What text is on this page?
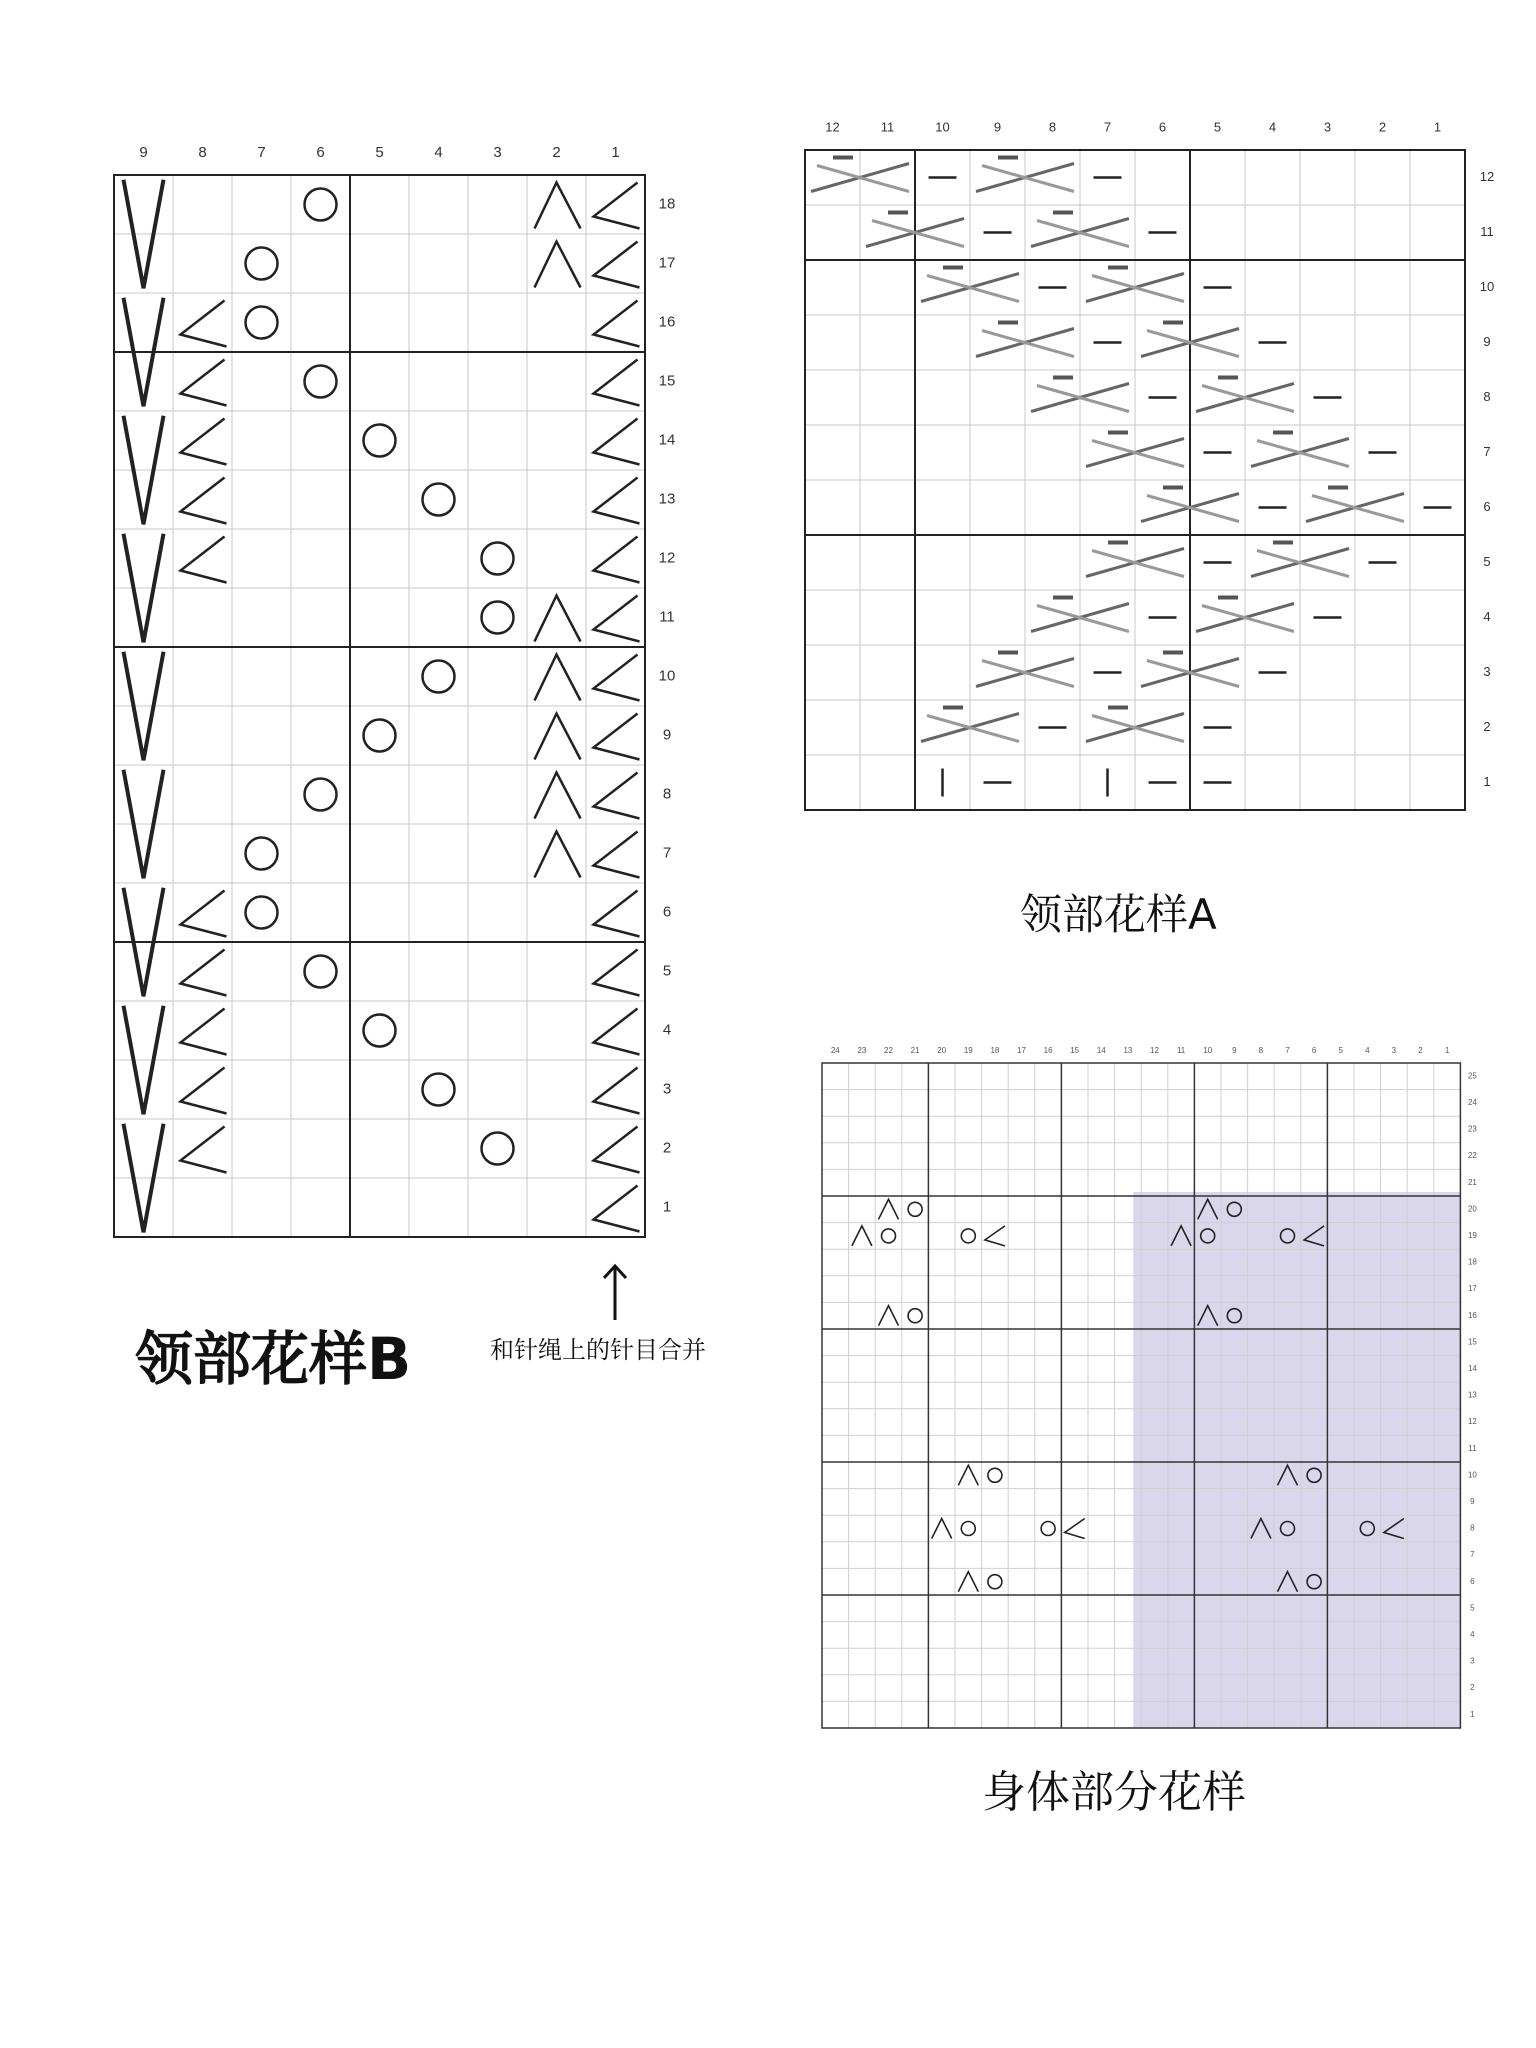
9	8	7	6	5	4	3	2	1
1
2
3
4
5
6
7
8
9
10
11
12
13
14
15
16
17
18
12	11	10	9	8	7	6	5	4	3	2	1
1
2
3
4
5
6
7
8
9
10
11
12
24 23 22 21 20 19 18 17 16 15 14 13 12 11 10 9	8	7	6	5	4	3	2	1
1
2
3
4
5
6
7
8
9
10
11
12
13
14
15
16
17
18
19
20
21
22
23
24
25
领部花样B	和针绳上的针目合并
领部花样A
身体部分花样
